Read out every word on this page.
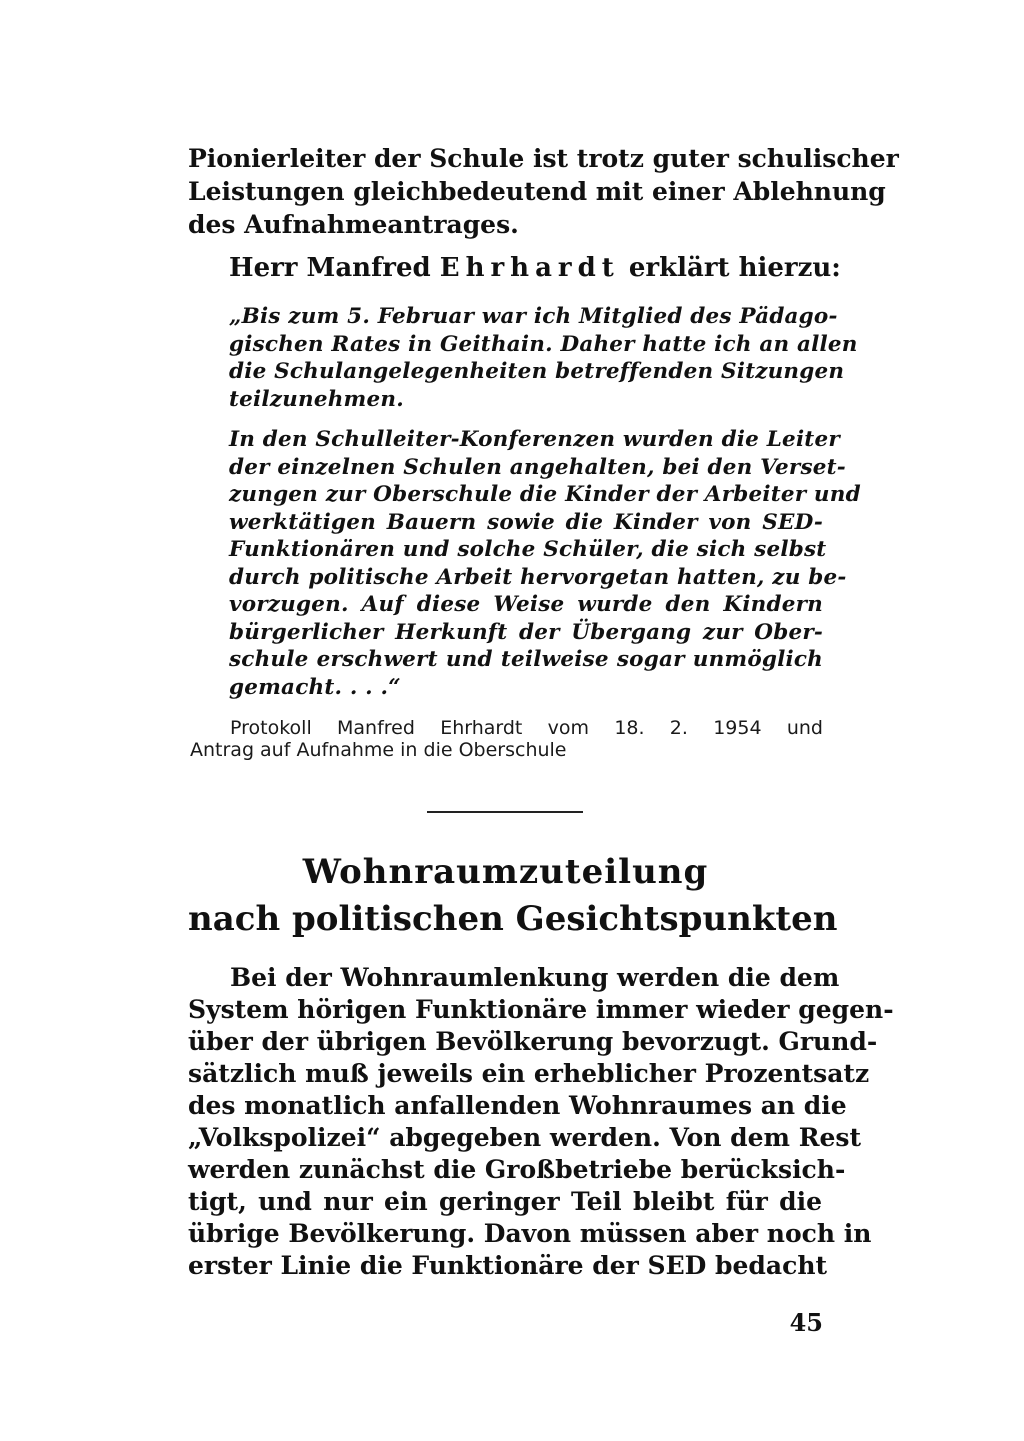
Pionierleiter der Schule ist trotz guter schulischer
Leistungen gleichbedeutend mit einer Ablehnung
des Aufnahmeantrages.
Herr Manfred Ehrhardt erklärt hierzu:
„Bis zum 5. Februar war ich Mitglied des Pädago-
gischen Rates in Geithain. Daher hatte ich an allen
die Schulangelegenheiten betreffenden Sitzungen
teilzunehmen.
In den Schulleiter-Konferenzen wurden die Leiter
der einzelnen Schulen angehalten, bei den Verset-
zungen zur Oberschule die Kinder der Arbeiter und
werktätigen Bauern sowie die Kinder von SED-
Funktionären und solche Schüler, die sich selbst
durch politische Arbeit hervorgetan hatten, zu be-
vorzugen. Auf diese Weise wurde den Kindern
bürgerlicher Herkunft der Übergang zur Ober-
schule erschwert und teilweise sogar unmöglich
gemacht. . . .“
Protokoll Manfred Ehrhardt vom 18. 2. 1954 und
Antrag auf Aufnahme in die Oberschule
Wohnraumzuteilung
nach politischen Gesichtspunkten
Bei der Wohnraumlenkung werden die dem
System hörigen Funktionäre immer wieder gegen-
über der übrigen Bevölkerung bevorzugt. Grund-
sätzlich muß jeweils ein erheblicher Prozentsatz
des monatlich anfallenden Wohnraumes an die
„Volkspolizei“ abgegeben werden. Von dem Rest
werden zunächst die Großbetriebe berücksich-
tigt, und nur ein geringer Teil bleibt für die
übrige Bevölkerung. Davon müssen aber noch in
erster Linie die Funktionäre der SED bedacht
45
